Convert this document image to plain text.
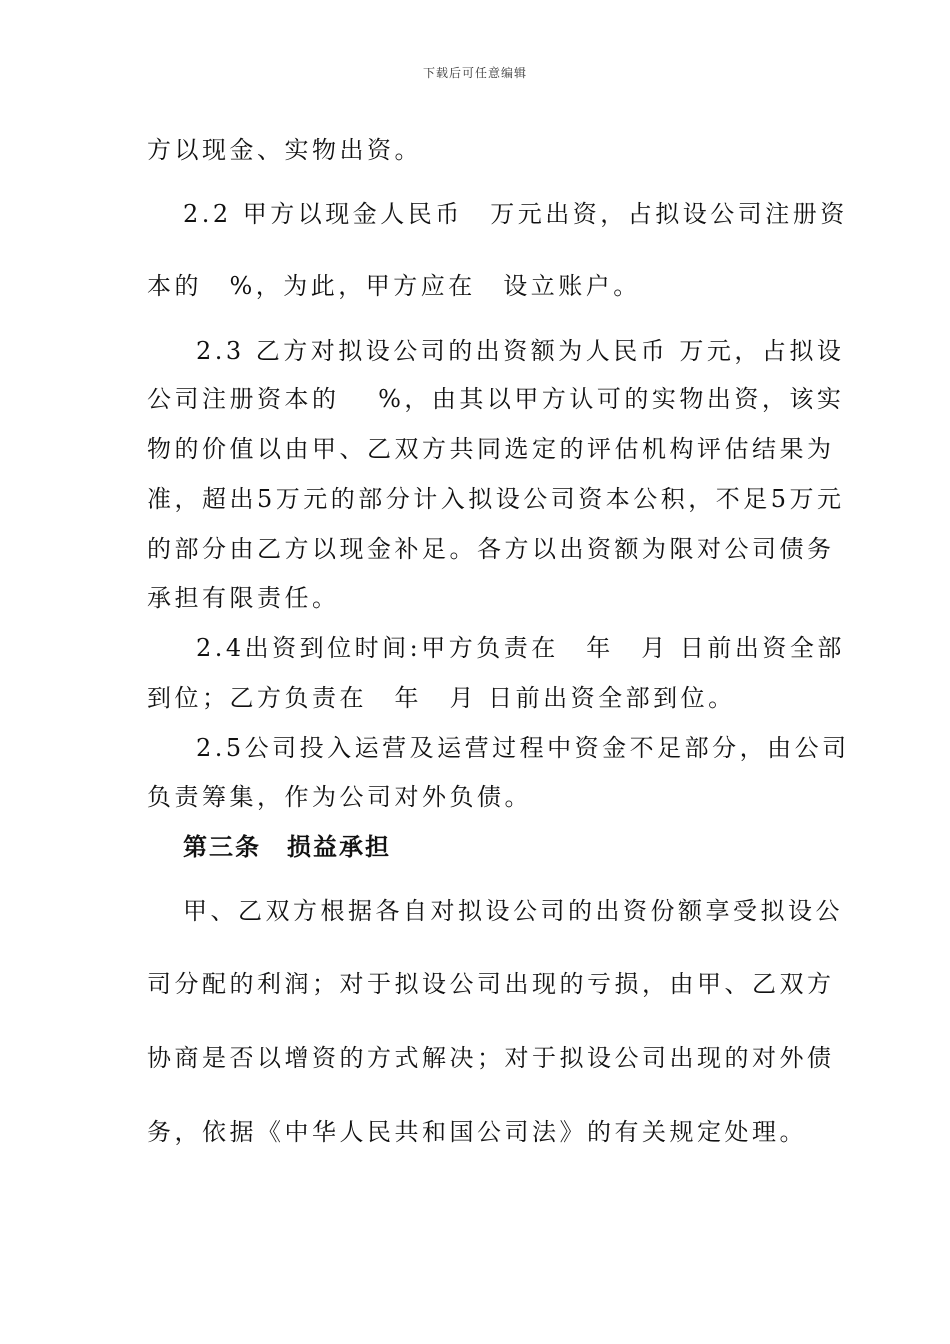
下载后可任意编辑
方以现金、实物出资。
2.2 甲方以现金人民币　万元出资，占拟设公司注册资
本的　%，为此，甲方应在　设立账户。
2.3 乙方对拟设公司的出资额为人民币 万元，占拟设
公司注册资本的　 %，由其以甲方认可的实物出资，该实
物的价值以由甲、乙双方共同选定的评估机构评估结果为
准，超出5万元的部分计入拟设公司资本公积，不足5万元
的部分由乙方以现金补足。各方以出资额为限对公司债务
承担有限责任。
2.4出资到位时间:甲方负责在　年　月 日前出资全部
到位；乙方负责在　年　月 日前出资全部到位。
2.5公司投入运营及运营过程中资金不足部分，由公司
负责筹集，作为公司对外负债。
第三条　损益承担
甲、乙双方根据各自对拟设公司的出资份额享受拟设公
司分配的利润；对于拟设公司出现的亏损，由甲、乙双方
协商是否以增资的方式解决；对于拟设公司出现的对外债
务，依据《中华人民共和国公司法》的有关规定处理。
